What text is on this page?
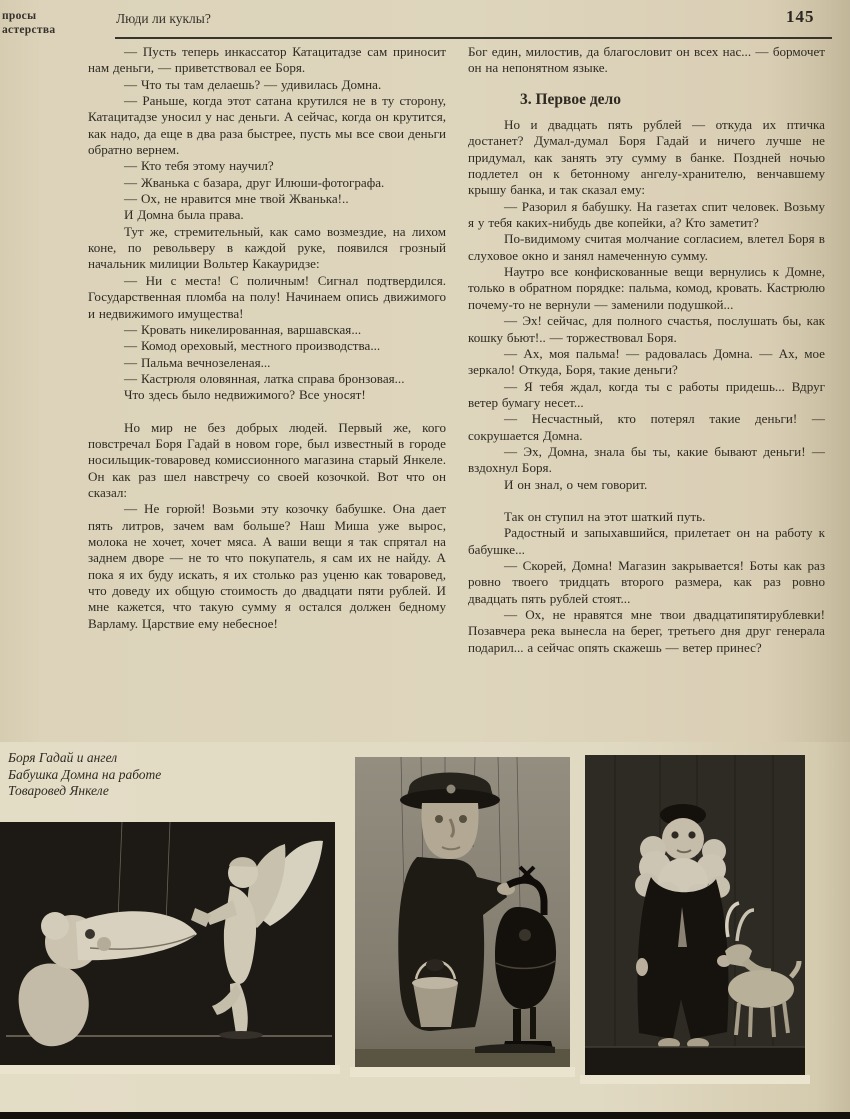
просы
астерства
Люди ли куклы?	145

— Пусть теперь инкассатор Катацитадзе сам приносит нам деньги, — приветствовал ее Боря.

— Что ты там делаешь? — удивилась Домна.

— Раньше, когда этот сатана крутился не в ту сторону, Катацитадзе уносил у нас деньги. А сейчас, когда он крутится, как надо, да еще в два раза быстрее, пусть мы все свои деньги обратно вернем.

— Кто тебя этому научил?

— Жванька с базара, друг Илюши-фотографа.

— Ох, не нравится мне твой Жванька!..

И Домна была права.

Тут же, стремительный, как само возмездие, на лихом коне, по револьверу в каждой руке, появился грозный начальник милиции Вольтер Какауридзе:

— Ни с места! С поличным! Сигнал подтвердился. Государственная пломба на полу! Начинаем опись движимого и недвижимого имущества!

— Кровать никелированная, варшавская...

— Комод ореховый, местного производства...

— Пальма вечнозеленая...

— Кастрюля оловянная, латка справа бронзовая...

Что здесь было недвижимого? Все уносят!

Но мир не без добрых людей. Первый же, кого повстречал Боря Гадай в новом горе, был известный в городе носильщик-товаровед комиссионного магазина старый Янкеле. Он как раз шел навстречу со своей козочкой. Вот что он сказал:

— Не горюй! Возьми эту козочку бабушке. Она дает пять литров, зачем вам больше? Наш Миша уже вырос, молока не хочет, хочет мяса. А ваши вещи я так спрятал на заднем дворе — не то что покупатель, я сам их не найду. А пока я их буду искать, я их столько раз уценю как товаровед, что доведу их общую стоимость до двадцати пяти рублей. И мне кажется, что такую сумму я остался должен бедному Варламу. Царствие ему небесное!

Бог един, милостив, да благословит он всех нас... — бормочет он на непонятном языке.

3. Первое дело

Но и двадцать пять рублей — откуда их птичка достанет? Думал-думал Боря Гадай и ничего лучше не придумал, как занять эту сумму в банке. Поздней ночью подлетел он к бетонному ангелу-хранителю, венчавшему крышу банка, и так сказал ему:

— Разорил я бабушку. На газетах спит человек. Возьму я у тебя каких-нибудь две копейки, а? Кто заметит?

По-видимому считая молчание согласием, влетел Боря в слуховое окно и занял намеченную сумму.

Наутро все конфискованные вещи вернулись к Домне, только в обратном порядке: пальма, комод, кровать. Кастрюлю почему-то не вернули — заменили подушкой...

— Эх! сейчас, для полного счастья, послушать бы, как кошку бьют!.. — торжествовал Боря.

— Ах, моя пальма! — радовалась Домна. — Ах, мое зеркало! Откуда, Боря, такие деньги?

— Я тебя ждал, когда ты с работы придешь... Вдруг ветер бумагу несет...

— Несчастный, кто потерял такие деньги! — сокрушается Домна.

— Эх, Домна, знала бы ты, какие бывают деньги! — вздохнул Боря.

И он знал, о чем говорит.

Так он ступил на этот шаткий путь.

Радостный и запыхавшийся, прилетает он на работу к бабушке...

— Скорей, Домна! Магазин закрывается! Боты как раз ровно твоего тридцать второго размера, как раз ровно двадцать пять рублей стоят...

— Ох, не нравятся мне твои двадцатипятирублевки! Позавчера река вынесла на берег, третьего дня друг генерала подарил... а сейчас опять скажешь — ветер принес?

Боря Гадай и ангел
Бабушка Домна на работе
Товаровед Янкеле
